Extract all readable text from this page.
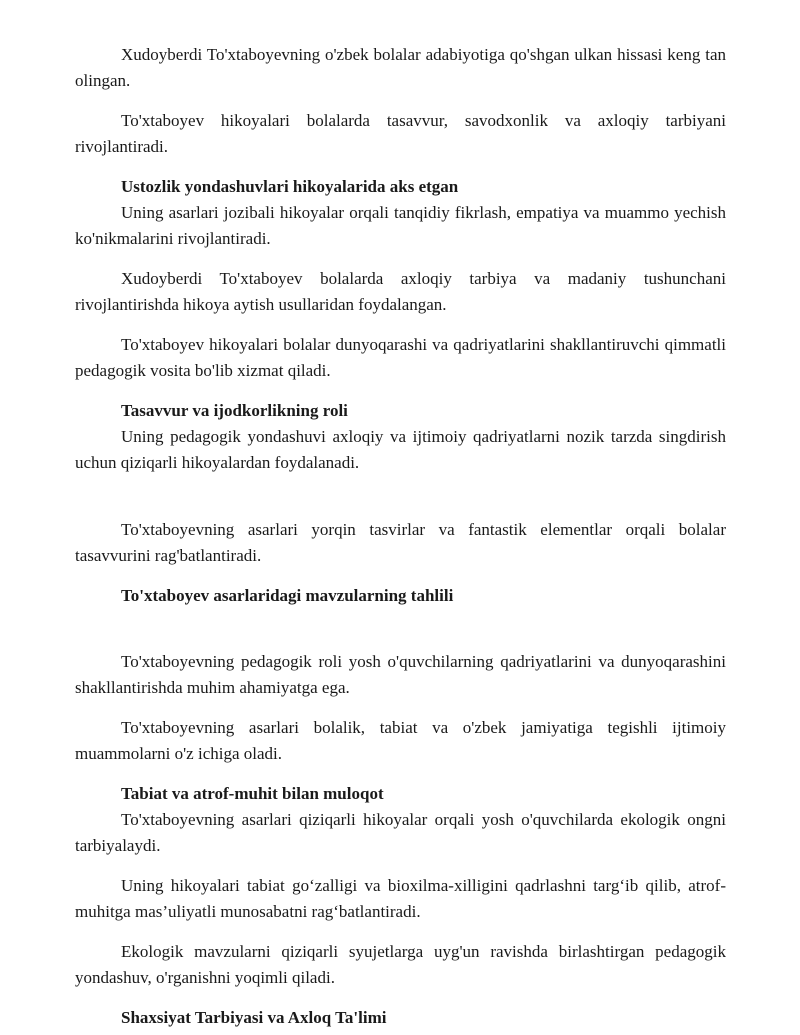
Xudoyberdi To'xtaboyevning o'zbek bolalar adabiyotiga qo'shgan ulkan hissasi keng tan olingan.

To'xtaboyev hikoyalari bolalarda tasavvur, savodxonlik va axloqiy tarbiyani rivojlantiradi.

Ustozlik yondashuvlari hikoyalarida aks etgan

Uning asarlari jozibali hikoyalar orqali tanqidiy fikrlash, empatiya va muammo yechish ko'nikmalarini rivojlantiradi.

Xudoyberdi To'xtaboyev bolalarda axloqiy tarbiya va madaniy tushunchani rivojlantirishda hikoya aytish usullaridan foydalangan.

To'xtaboyev hikoyalari bolalar dunyoqarashi va qadriyatlarini shakllantiruvchi qimmatli pedagogik vosita bo'lib xizmat qiladi.

Tasavvur va ijodkorlikning roli

Uning pedagogik yondashuvi axloqiy va ijtimoiy qadriyatlarni nozik tarzda singdirish uchun qiziqarli hikoyalardan foydalanadi.

To'xtaboyevning asarlari yorqin tasvirlar va fantastik elementlar orqali bolalar tasavvurini rag'batlantiradi.

To'xtaboyev asarlaridagi mavzularning tahlili

To'xtaboyevning pedagogik roli yosh o'quvchilarning qadriyatlarini va dunyoqarashini shakllantirishda muhim ahamiyatga ega.

To'xtaboyevning asarlari bolalik, tabiat va o'zbek jamiyatiga tegishli ijtimoiy muammolarni o'z ichiga oladi.

Tabiat va atrof-muhit bilan muloqot

To'xtaboyevning asarlari qiziqarli hikoyalar orqali yosh o'quvchilarda ekologik ongni tarbiyalaydi.

Uning hikoyalari tabiat go‘zalligi va bioxilma-xilligini qadrlashni targ‘ib qilib, atrof-muhitga mas’uliyatli munosabatni rag‘batlantiradi.

Ekologik mavzularni qiziqarli syujetlarga uyg'un ravishda birlashtirgan pedagogik yondashuv, o'rganishni yoqimli qiladi.

Shaxsiyat Tarbiyasi va Axloq Ta'limi
